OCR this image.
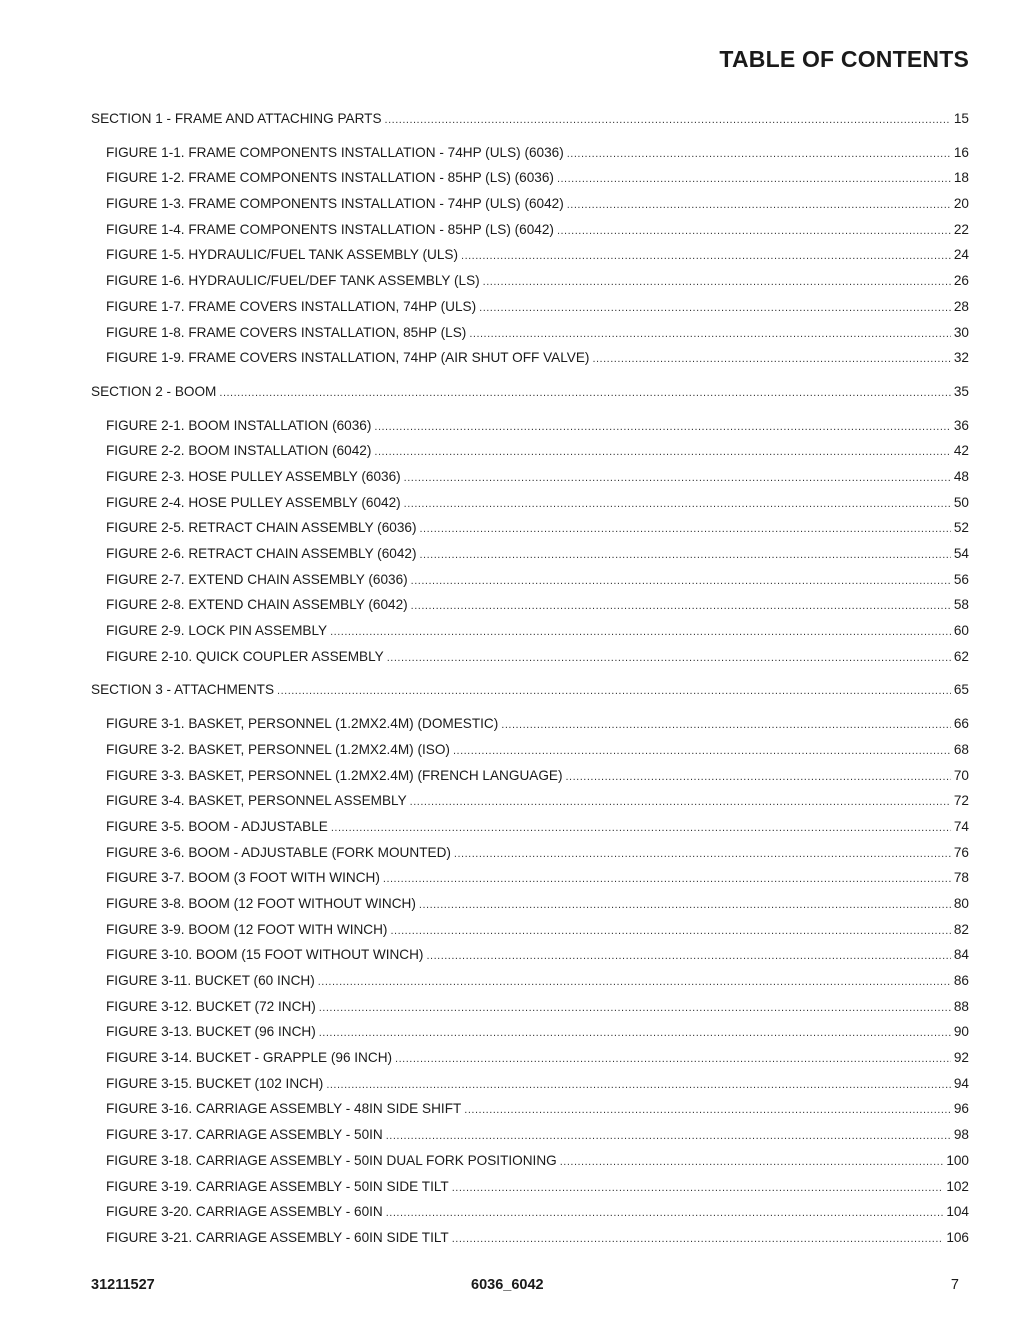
TABLE OF CONTENTS
SECTION 1 - FRAME AND ATTACHING PARTS .....	15
FIGURE 1-1. FRAME COMPONENTS INSTALLATION - 74HP (ULS) (6036) .....	16
FIGURE 1-2. FRAME COMPONENTS INSTALLATION - 85HP (LS) (6036) .....	18
FIGURE 1-3. FRAME COMPONENTS INSTALLATION - 74HP (ULS) (6042) .....	20
FIGURE 1-4. FRAME COMPONENTS INSTALLATION - 85HP (LS) (6042) .....	22
FIGURE 1-5. HYDRAULIC/FUEL TANK ASSEMBLY (ULS) .....	24
FIGURE 1-6. HYDRAULIC/FUEL/DEF TANK ASSEMBLY (LS) .....	26
FIGURE 1-7. FRAME COVERS INSTALLATION, 74HP (ULS) .....	28
FIGURE 1-8. FRAME COVERS INSTALLATION, 85HP (LS) .....	30
FIGURE 1-9. FRAME COVERS INSTALLATION, 74HP (AIR SHUT OFF VALVE) .....	32
SECTION 2 - BOOM .....	35
FIGURE 2-1. BOOM INSTALLATION (6036) .....	36
FIGURE 2-2. BOOM INSTALLATION (6042) .....	42
FIGURE 2-3. HOSE PULLEY ASSEMBLY (6036) .....	48
FIGURE 2-4. HOSE PULLEY ASSEMBLY (6042) .....	50
FIGURE 2-5. RETRACT CHAIN ASSEMBLY (6036) .....	52
FIGURE 2-6. RETRACT CHAIN ASSEMBLY (6042) .....	54
FIGURE 2-7. EXTEND CHAIN ASSEMBLY (6036) .....	56
FIGURE 2-8. EXTEND CHAIN ASSEMBLY (6042) .....	58
FIGURE 2-9. LOCK PIN ASSEMBLY .....	60
FIGURE 2-10. QUICK COUPLER ASSEMBLY .....	62
SECTION 3 - ATTACHMENTS .....	65
FIGURE 3-1. BASKET, PERSONNEL (1.2MX2.4M) (DOMESTIC) .....	66
FIGURE 3-2. BASKET, PERSONNEL (1.2MX2.4M) (ISO) .....	68
FIGURE 3-3. BASKET, PERSONNEL (1.2MX2.4M) (FRENCH LANGUAGE) .....	70
FIGURE 3-4. BASKET, PERSONNEL ASSEMBLY .....	72
FIGURE 3-5. BOOM - ADJUSTABLE .....	74
FIGURE 3-6. BOOM - ADJUSTABLE (FORK MOUNTED) .....	76
FIGURE 3-7. BOOM (3 FOOT WITH WINCH) .....	78
FIGURE 3-8. BOOM (12 FOOT WITHOUT WINCH) .....	80
FIGURE 3-9. BOOM (12 FOOT WITH WINCH) .....	82
FIGURE 3-10. BOOM (15 FOOT WITHOUT WINCH) .....	84
FIGURE 3-11. BUCKET (60 INCH) .....	86
FIGURE 3-12. BUCKET (72 INCH) .....	88
FIGURE 3-13. BUCKET (96 INCH) .....	90
FIGURE 3-14. BUCKET - GRAPPLE (96 INCH) .....	92
FIGURE 3-15. BUCKET (102 INCH) .....	94
FIGURE 3-16. CARRIAGE ASSEMBLY - 48IN SIDE SHIFT .....	96
FIGURE 3-17. CARRIAGE ASSEMBLY - 50IN .....	98
FIGURE 3-18. CARRIAGE ASSEMBLY - 50IN DUAL FORK POSITIONING .....	100
FIGURE 3-19. CARRIAGE ASSEMBLY - 50IN SIDE TILT .....	102
FIGURE 3-20. CARRIAGE ASSEMBLY - 60IN .....	104
FIGURE 3-21. CARRIAGE ASSEMBLY - 60IN SIDE TILT .....	106
31211527	6036_6042	7
